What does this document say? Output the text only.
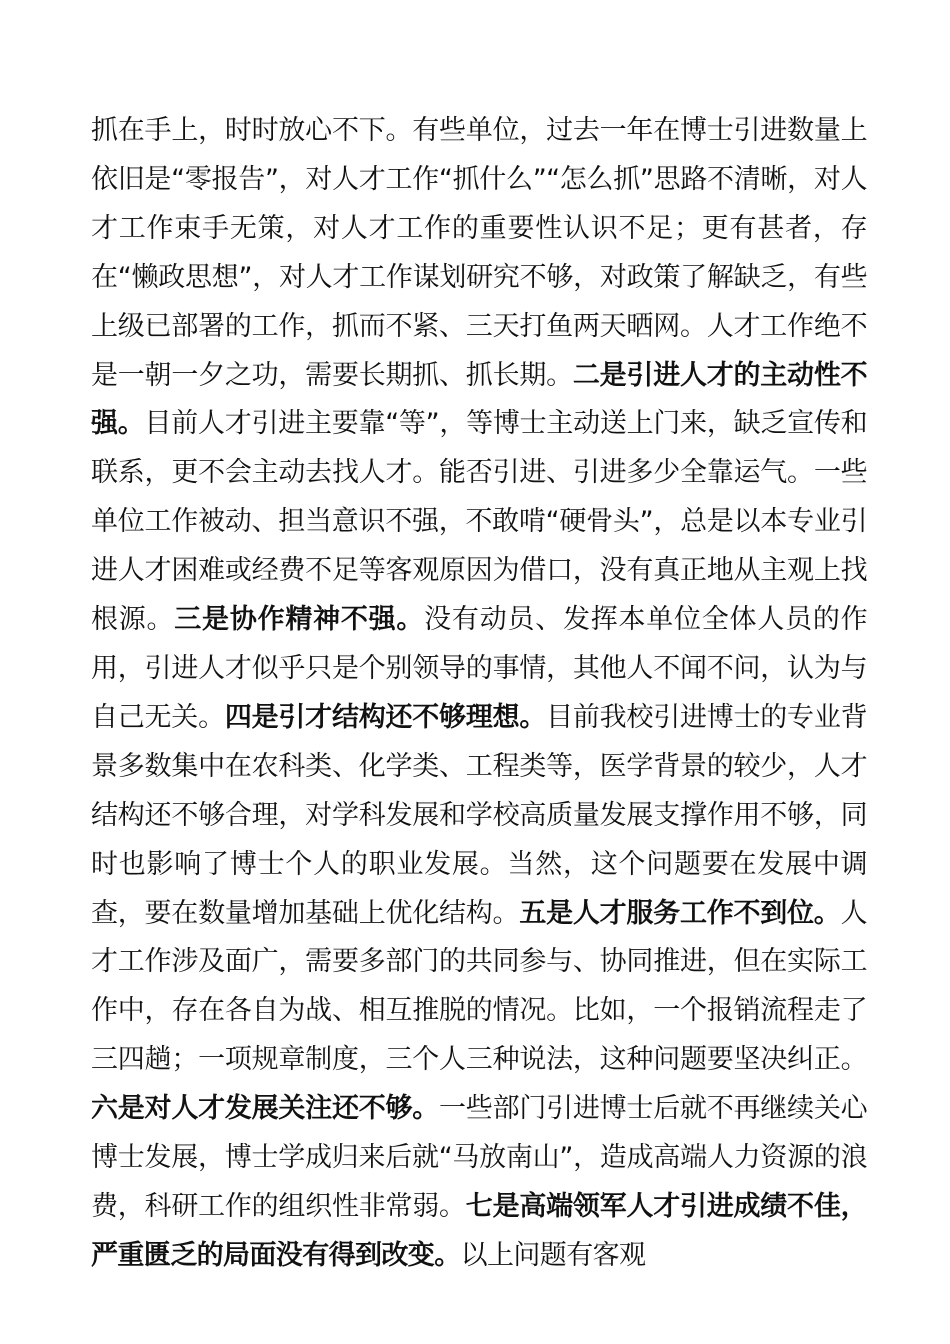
抓在手上，时时放心不下。有些单位，过去一年在博士引进数量上依旧是“零报告”，对人才工作“抓什么”“怎么抓”思路不清晰，对人才工作束手无策，对人才工作的重要性认识不足；更有甚者，存在“懒政思想”，对人才工作谋划研究不够，对政策了解缺乏，有些上级已部署的工作，抓而不紧、三天打鱼两天晒网。人才工作绝不是一朝一夕之功，需要长期抓、抓长期。二是引进人才的主动性不强。目前人才引进主要靠“等”，等博士主动送上门来，缺乏宣传和联系，更不会主动去找人才。能否引进、引进多少全靠运气。一些单位工作被动、担当意识不强，不敢啃“硬骨头”，总是以本专业引进人才困难或经费不足等客观原因为借口，没有真正地从主观上找根源。三是协作精神不强。没有动员、发挥本单位全体人员的作用，引进人才似乎只是个别领导的事情，其他人不闻不问，认为与自己无关。四是引才结构还不够理想。目前我校引进博士的专业背景多数集中在农科类、化学类、工程类等，医学背景的较少，人才结构还不够合理，对学科发展和学校高质量发展支撑作用不够，同时也影响了博士个人的职业发展。当然，这个问题要在发展中调查，要在数量增加基础上优化结构。五是人才服务工作不到位。人才工作涉及面广，需要多部门的共同参与、协同推进，但在实际工作中，存在各自为战、相互推脱的情况。比如，一个报销流程走了三四趟；一项规章制度，三个人三种说法，这种问题要坚决纠正。六是对人才发展关注还不够。一些部门引进博士后就不再继续关心博士发展，博士学成归来后就“马放南山”，造成高端人力资源的浪费，科研工作的组织性非常弱。七是高端领军人才引进成绩不佳，严重匮乏的局面没有得到改变。以上问题有客观
